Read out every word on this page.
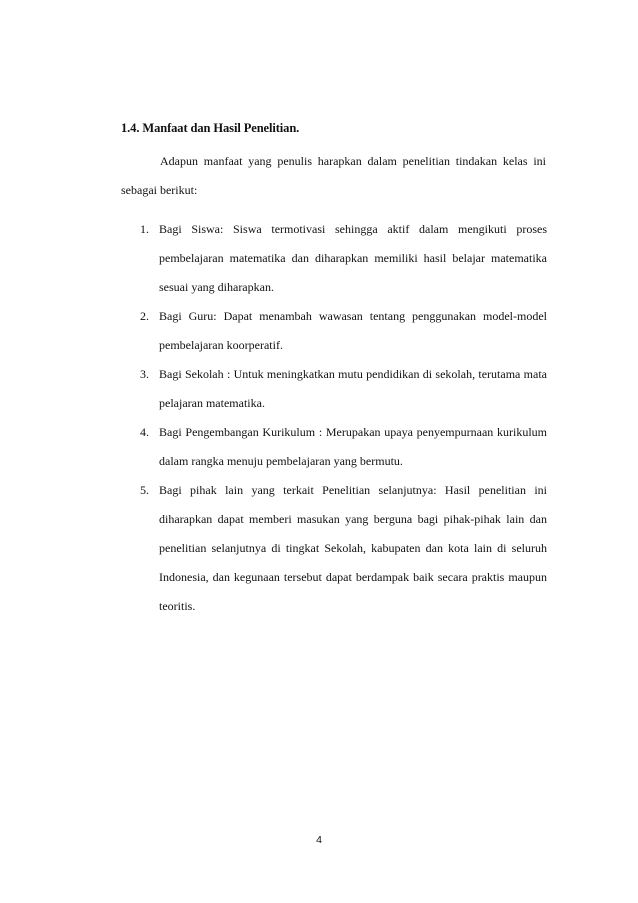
1.4. Manfaat dan Hasil Penelitian.

Adapun manfaat yang penulis harapkan dalam penelitian tindakan kelas ini sebagai berikut:

1. Bagi Siswa: Siswa termotivasi sehingga aktif dalam mengikuti proses pembelajaran matematika dan diharapkan memiliki hasil belajar matematika sesuai yang diharapkan.
2. Bagi Guru: Dapat menambah wawasan tentang penggunakan model-model pembelajaran koorperatif.
3. Bagi Sekolah : Untuk meningkatkan mutu pendidikan di sekolah, terutama mata pelajaran matematika.
4. Bagi Pengembangan Kurikulum : Merupakan upaya penyempurnaan kurikulum dalam rangka menuju pembelajaran yang bermutu.
5. Bagi pihak lain yang terkait Penelitian selanjutnya: Hasil penelitian ini diharapkan dapat memberi masukan yang berguna bagi pihak-pihak lain dan penelitian selanjutnya di tingkat Sekolah, kabupaten dan kota lain di seluruh Indonesia, dan kegunaan tersebut dapat berdampak baik secara praktis maupun teoritis.
4
